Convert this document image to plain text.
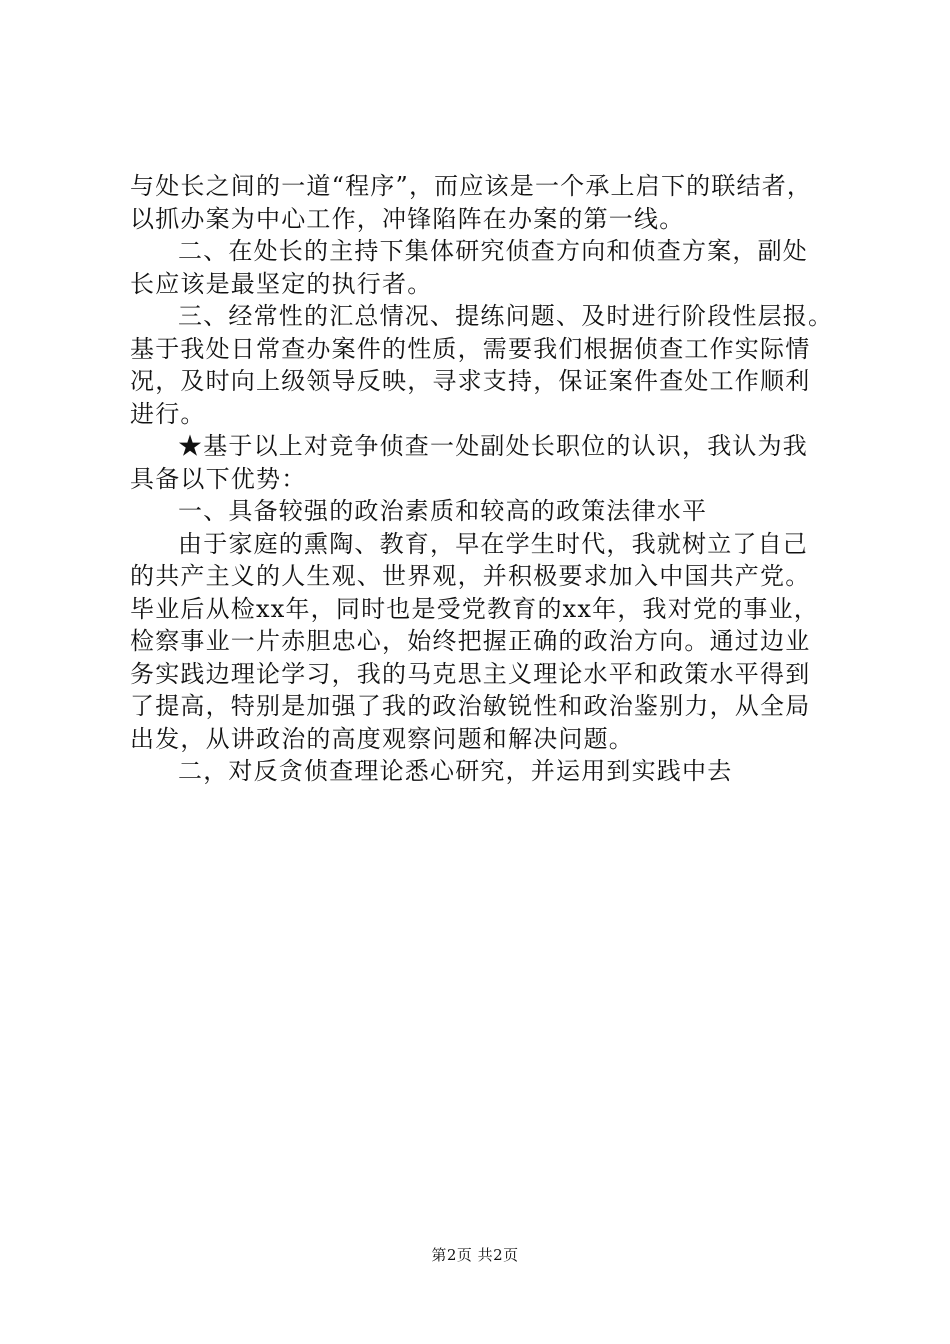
与处长之间的一道“程序”，而应该是一个承上启下的联结者，

以抓办案为中心工作，冲锋陷阵在办案的第一线。

二、在处长的主持下集体研究侦查方向和侦查方案，副处

长应该是最坚定的执行者。

三、经常性的汇总情况、提练问题、及时进行阶段性层报。

基于我处日常查办案件的性质，需要我们根据侦查工作实际情

况，及时向上级领导反映，寻求支持，保证案件查处工作顺利

进行。

★基于以上对竞争侦查一处副处长职位的认识，我认为我

具备以下优势：

一、具备较强的政治素质和较高的政策法律水平

由于家庭的熏陶、教育，早在学生时代，我就树立了自己

的共产主义的人生观、世界观，并积极要求加入中国共产党。

毕业后从检xx年，同时也是受党教育的xx年，我对党的事业，

检察事业一片赤胆忠心，始终把握正确的政治方向。通过边业

务实践边理论学习，我的马克思主义理论水平和政策水平得到

了提高，特别是加强了我的政治敏锐性和政治鉴别力，从全局

出发，从讲政治的高度观察问题和解决问题。

二，对反贪侦查理论悉心研究，并运用到实践中去

第2页 共2页
